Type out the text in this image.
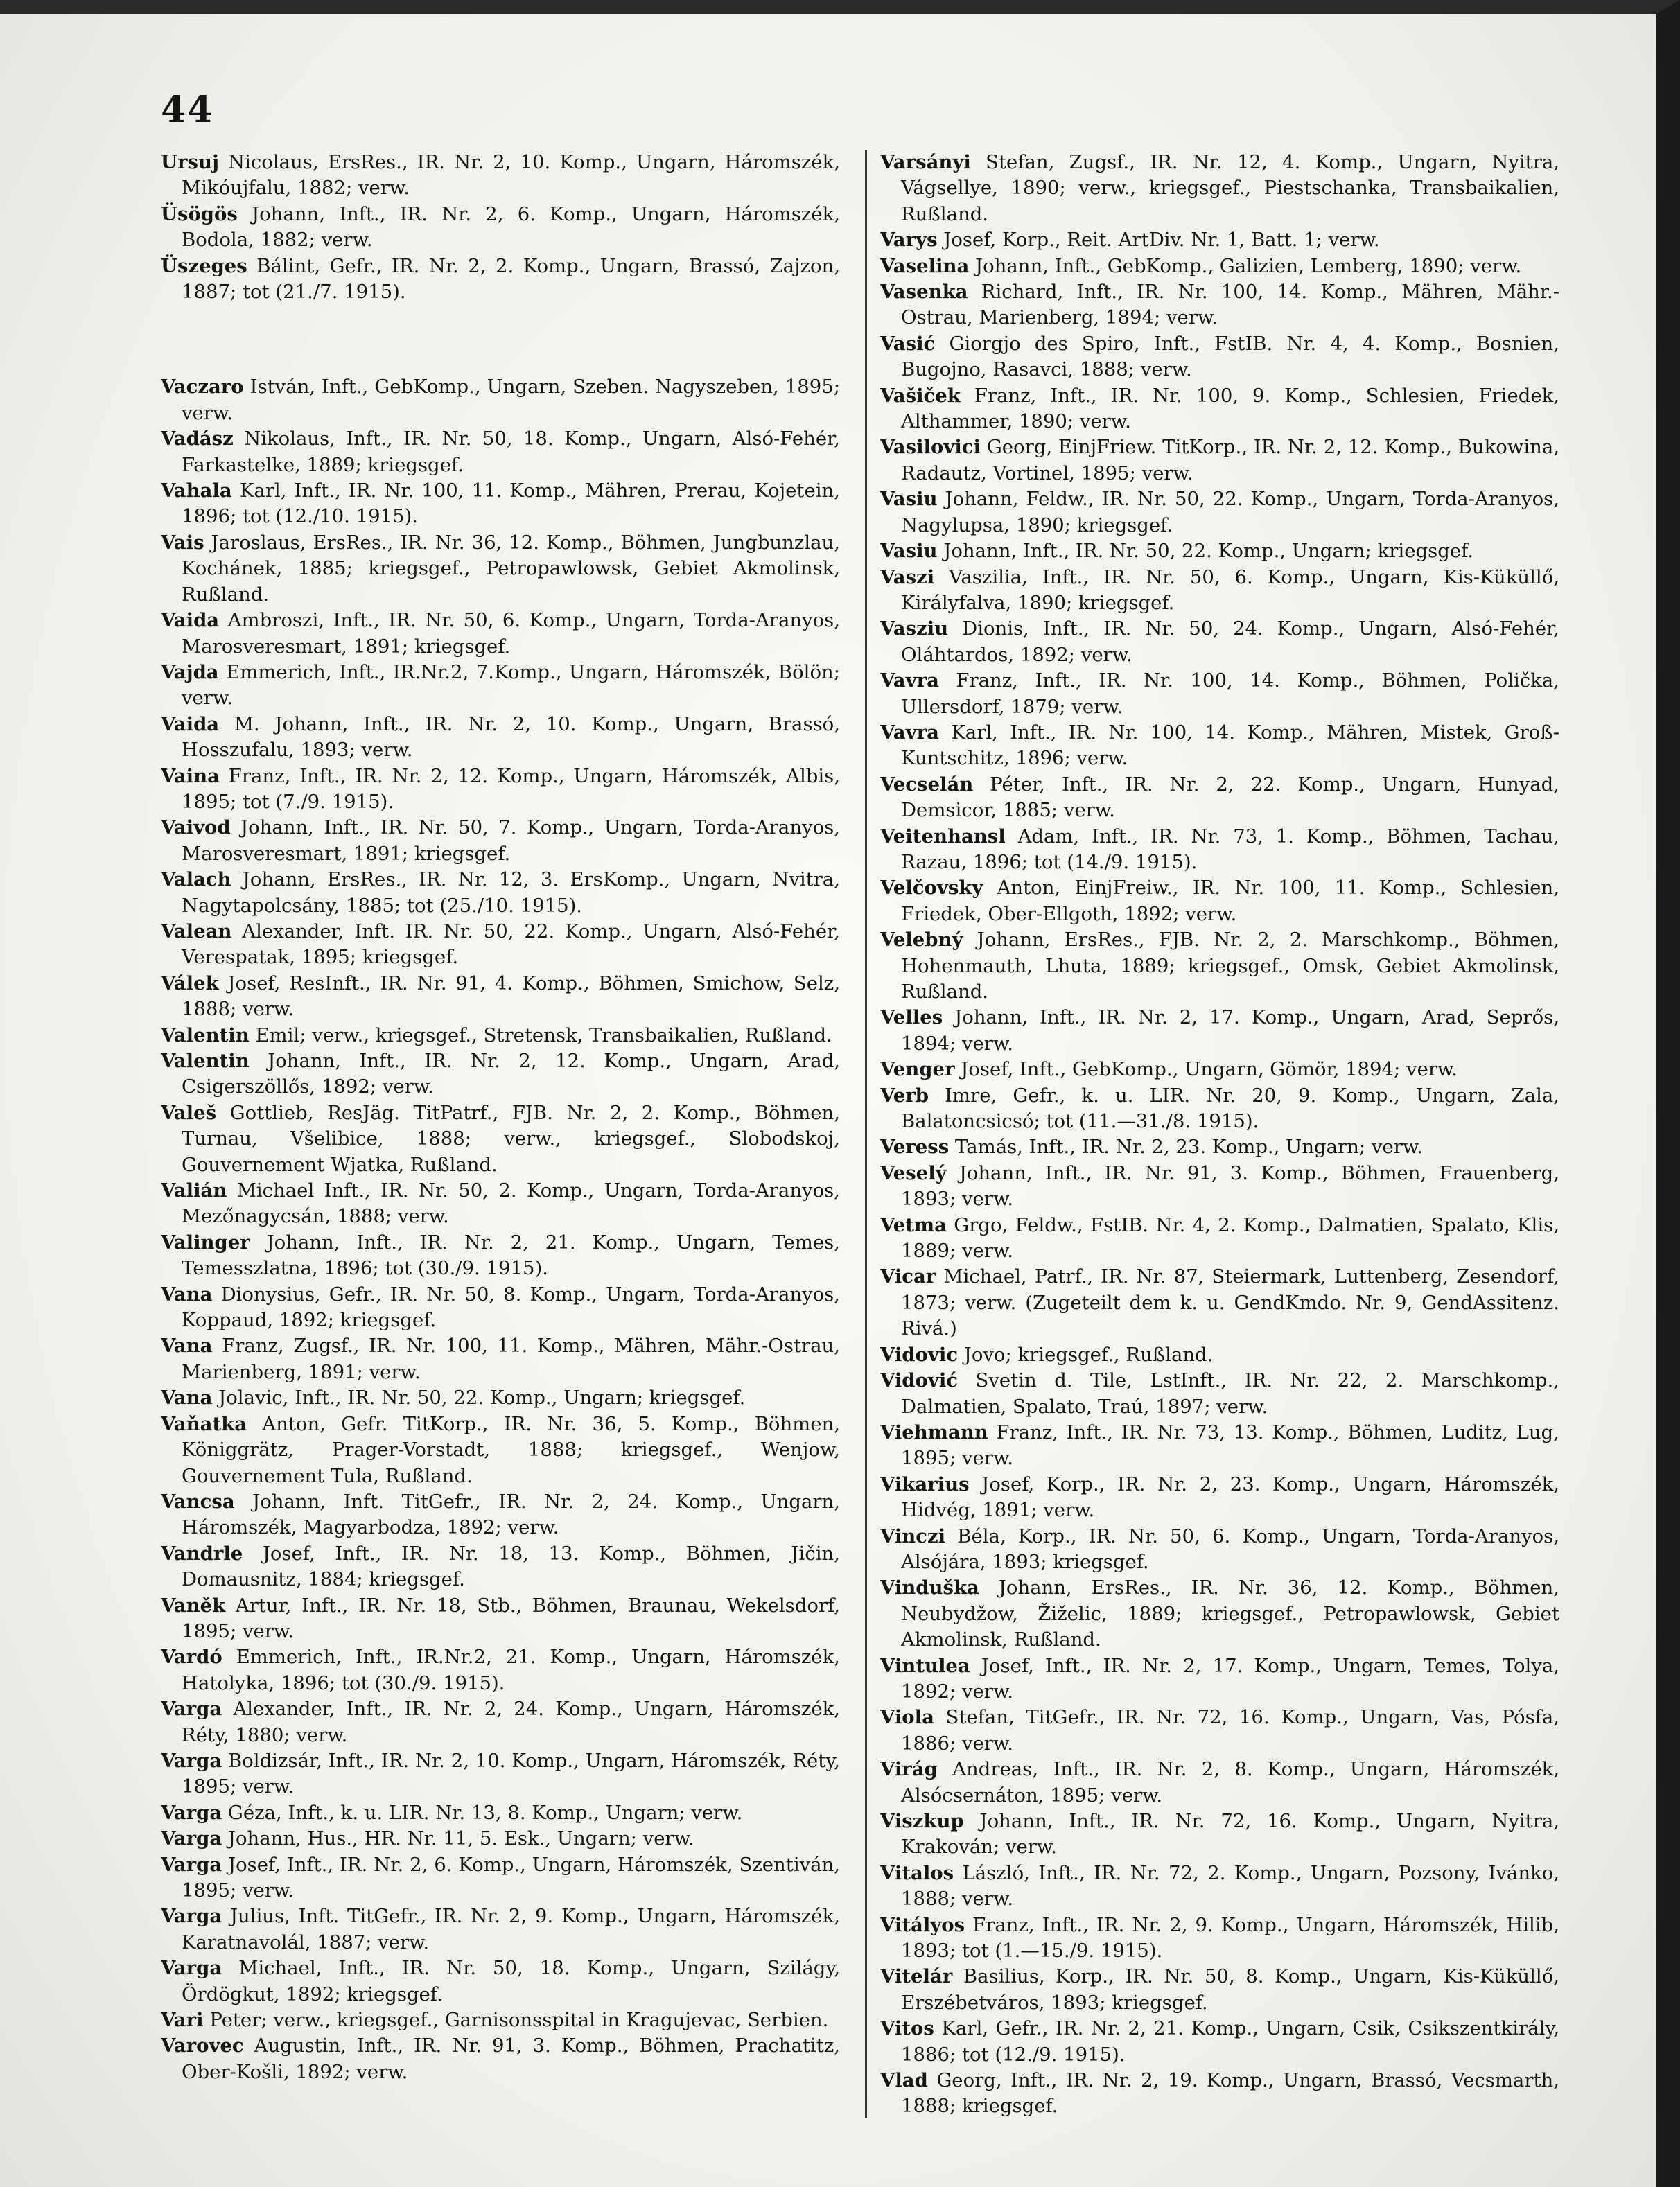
44

Ursuj Nicolaus, ErsRes., IR. Nr. 2, 10. Komp., Ungarn, Háromszék, Mikóujfalu, 1882; verw.

Üsögös Johann, Inft., IR. Nr. 2, 6. Komp., Ungarn, Háromszék, Bodola, 1882; verw.

Üszeges Bálint, Gefr., IR. Nr. 2, 2. Komp., Ungarn, Brassó, Zajzon, 1887; tot (21./7. 1915).

Vaczaro István, Inft., GebKomp., Ungarn, Szeben. Nagyszeben, 1895; verw.

Vadász Nikolaus, Inft., IR. Nr. 50, 18. Komp., Ungarn, Alsó-Fehér, Farkastelke, 1889; kriegsgef.

Vahala Karl, Inft., IR. Nr. 100, 11. Komp., Mähren, Prerau, Kojetein, 1896; tot (12./10. 1915).

Vais Jaroslaus, ErsRes., IR. Nr. 36, 12. Komp., Böhmen, Jungbunzlau, Kochánek, 1885; kriegsgef., Petropawlowsk, Gebiet Akmolinsk, Rußland.

Vaida Ambroszi, Inft., IR. Nr. 50, 6. Komp., Ungarn, Torda-Aranyos, Marosveresmart, 1891; kriegsgef.

Vajda Emmerich, Inft., IR.Nr.2, 7.Komp., Ungarn, Háromszék, Bölön; verw.

Vaida M. Johann, Inft., IR. Nr. 2, 10. Komp., Ungarn, Brassó, Hosszufalu, 1893; verw.

Vaina Franz, Inft., IR. Nr. 2, 12. Komp., Ungarn, Háromszék, Albis, 1895; tot (7./9. 1915).

Vaivod Johann, Inft., IR. Nr. 50, 7. Komp., Ungarn, Torda-Aranyos, Marosveresmart, 1891; kriegsgef.

Valach Johann, ErsRes., IR. Nr. 12, 3. ErsKomp., Ungarn, Nvitra, Nagytapolcsány, 1885; tot (25./10. 1915).

Valean Alexander, Inft. IR. Nr. 50, 22. Komp., Ungarn, Alsó-Fehér, Verespatak, 1895; kriegsgef.

Válek Josef, ResInft., IR. Nr. 91, 4. Komp., Böhmen, Smichow, Selz, 1888; verw.

Valentin Emil; verw., kriegsgef., Stretensk, Transbaikalien, Rußland.

Valentin Johann, Inft., IR. Nr. 2, 12. Komp., Ungarn, Arad, Csigerszöllős, 1892; verw.

Valeš Gottlieb, ResJäg. TitPatrf., FJB. Nr. 2, 2. Komp., Böhmen, Turnau, Všelibice, 1888; verw., kriegsgef., Slobodskoj, Gouvernement Wjatka, Rußland.

Valián Michael Inft., IR. Nr. 50, 2. Komp., Ungarn, Torda-Aranyos, Mezőnagycsán, 1888; verw.

Valinger Johann, Inft., IR. Nr. 2, 21. Komp., Ungarn, Temes, Temesszlatna, 1896; tot (30./9. 1915).

Vana Dionysius, Gefr., IR. Nr. 50, 8. Komp., Ungarn, Torda-Aranyos, Koppaud, 1892; kriegsgef.

Vana Franz, Zugsf., IR. Nr. 100, 11. Komp., Mähren, Mähr.-Ostrau, Marienberg, 1891; verw.

Vana Jolavic, Inft., IR. Nr. 50, 22. Komp., Ungarn; kriegsgef.

Vaňatka Anton, Gefr. TitKorp., IR. Nr. 36, 5. Komp., Böhmen, Königgrätz, Prager-Vorstadt, 1888; kriegsgef., Wenjow, Gouvernement Tula, Rußland.

Vancsa Johann, Inft. TitGefr., IR. Nr. 2, 24. Komp., Ungarn, Háromszék, Magyarbodza, 1892; verw.

Vandrle Josef, Inft., IR. Nr. 18, 13. Komp., Böhmen, Jičin, Domausnitz, 1884; kriegsgef.

Vaněk Artur, Inft., IR. Nr. 18, Stb., Böhmen, Braunau, Wekelsdorf, 1895; verw.

Vardó Emmerich, Inft., IR.Nr.2, 21. Komp., Ungarn, Háromszék, Hatolyka, 1896; tot (30./9. 1915).

Varga Alexander, Inft., IR. Nr. 2, 24. Komp., Ungarn, Háromszék, Réty, 1880; verw.

Varga Boldizsár, Inft., IR. Nr. 2, 10. Komp., Ungarn, Háromszék, Réty, 1895; verw.

Varga Géza, Inft., k. u. LIR. Nr. 13, 8. Komp., Ungarn; verw.

Varga Johann, Hus., HR. Nr. 11, 5. Esk., Ungarn; verw.

Varga Josef, Inft., IR. Nr. 2, 6. Komp., Ungarn, Háromszék, Szentiván, 1895; verw.

Varga Julius, Inft. TitGefr., IR. Nr. 2, 9. Komp., Ungarn, Háromszék, Karatnavolál, 1887; verw.

Varga Michael, Inft., IR. Nr. 50, 18. Komp., Ungarn, Szilágy, Ördögkut, 1892; kriegsgef.

Vari Peter; verw., kriegsgef., Garnisonsspital in Kragujevac, Serbien.

Varovec Augustin, Inft., IR. Nr. 91, 3. Komp., Böhmen, Prachatitz, Ober-Košli, 1892; verw.

Varsányi Stefan, Zugsf., IR. Nr. 12, 4. Komp., Ungarn, Nyitra, Vágsellye, 1890; verw., kriegsgef., Piestschanka, Transbaikalien, Rußland.

Varys Josef, Korp., Reit. ArtDiv. Nr. 1, Batt. 1; verw.

Vaselina Johann, Inft., GebKomp., Galizien, Lemberg, 1890; verw.

Vasenka Richard, Inft., IR. Nr. 100, 14. Komp., Mähren, Mähr.-Ostrau, Marienberg, 1894; verw.

Vasić Giorgjo des Spiro, Inft., FstIB. Nr. 4, 4. Komp., Bosnien, Bugojno, Rasavci, 1888; verw.

Vašiček Franz, Inft., IR. Nr. 100, 9. Komp., Schlesien, Friedek, Althammer, 1890; verw.

Vasilovici Georg, EinjFriew. TitKorp., IR. Nr. 2, 12. Komp., Bukowina, Radautz, Vortinel, 1895; verw.

Vasiu Johann, Feldw., IR. Nr. 50, 22. Komp., Ungarn, Torda-Aranyos, Nagylupsa, 1890; kriegsgef.

Vasiu Johann, Inft., IR. Nr. 50, 22. Komp., Ungarn; kriegsgef.

Vaszi Vaszilia, Inft., IR. Nr. 50, 6. Komp., Ungarn, Kis-Küküllő, Királyfalva, 1890; kriegsgef.

Vasziu Dionis, Inft., IR. Nr. 50, 24. Komp., Ungarn, Alsó-Fehér, Oláhtardos, 1892; verw.

Vavra Franz, Inft., IR. Nr. 100, 14. Komp., Böhmen, Polička, Ullersdorf, 1879; verw.

Vavra Karl, Inft., IR. Nr. 100, 14. Komp., Mähren, Mistek, Groß-Kuntschitz, 1896; verw.

Vecselán Péter, Inft., IR. Nr. 2, 22. Komp., Ungarn, Hunyad, Demsicor, 1885; verw.

Veitenhansl Adam, Inft., IR. Nr. 73, 1. Komp., Böhmen, Tachau, Razau, 1896; tot (14./9. 1915).

Velčovsky Anton, EinjFreiw., IR. Nr. 100, 11. Komp., Schlesien, Friedek, Ober-Ellgoth, 1892; verw.

Velebný Johann, ErsRes., FJB. Nr. 2, 2. Marschkomp., Böhmen, Hohenmauth, Lhuta, 1889; kriegsgef., Omsk, Gebiet Akmolinsk, Rußland.

Velles Johann, Inft., IR. Nr. 2, 17. Komp., Ungarn, Arad, Seprős, 1894; verw.

Venger Josef, Inft., GebKomp., Ungarn, Gömör, 1894; verw.

Verb Imre, Gefr., k. u. LIR. Nr. 20, 9. Komp., Ungarn, Zala, Balatoncsicsó; tot (11.—31./8. 1915).

Veress Tamás, Inft., IR. Nr. 2, 23. Komp., Ungarn; verw.

Veselý Johann, Inft., IR. Nr. 91, 3. Komp., Böhmen, Frauenberg, 1893; verw.

Vetma Grgo, Feldw., FstIB. Nr. 4, 2. Komp., Dalmatien, Spalato, Klis, 1889; verw.

Vicar Michael, Patrf., IR. Nr. 87, Steiermark, Luttenberg, Zesendorf, 1873; verw. (Zugeteilt dem k. u. GendKmdo. Nr. 9, GendAssitenz. Rivá.)

Vidovic Jovo; kriegsgef., Rußland.

Vidović Svetin d. Tile, LstInft., IR. Nr. 22, 2. Marschkomp., Dalmatien, Spalato, Traú, 1897; verw.

Viehmann Franz, Inft., IR. Nr. 73, 13. Komp., Böhmen, Luditz, Lug, 1895; verw.

Vikarius Josef, Korp., IR. Nr. 2, 23. Komp., Ungarn, Háromszék, Hidvég, 1891; verw.

Vinczi Béla, Korp., IR. Nr. 50, 6. Komp., Ungarn, Torda-Aranyos, Alsójára, 1893; kriegsgef.

Vinduška Johann, ErsRes., IR. Nr. 36, 12. Komp., Böhmen, Neubydžow, Žiželic, 1889; kriegsgef., Petropawlowsk, Gebiet Akmolinsk, Rußland.

Vintulea Josef, Inft., IR. Nr. 2, 17. Komp., Ungarn, Temes, Tolya, 1892; verw.

Viola Stefan, TitGefr., IR. Nr. 72, 16. Komp., Ungarn, Vas, Pósfa, 1886; verw.

Virág Andreas, Inft., IR. Nr. 2, 8. Komp., Ungarn, Háromszék, Alsócsernáton, 1895; verw.

Viszkup Johann, Inft., IR. Nr. 72, 16. Komp., Ungarn, Nyitra, Krakován; verw.

Vitalos László, Inft., IR. Nr. 72, 2. Komp., Ungarn, Pozsony, Ivánko, 1888; verw.

Vitályos Franz, Inft., IR. Nr. 2, 9. Komp., Ungarn, Háromszék, Hilib, 1893; tot (1.—15./9. 1915).

Vitelár Basilius, Korp., IR. Nr. 50, 8. Komp., Ungarn, Kis-Küküllő, Erszébetváros, 1893; kriegsgef.

Vitos Karl, Gefr., IR. Nr. 2, 21. Komp., Ungarn, Csik, Csikszentkirály, 1886; tot (12./9. 1915).

Vlad Georg, Inft., IR. Nr. 2, 19. Komp., Ungarn, Brassó, Vecsmarth, 1888; kriegsgef.
